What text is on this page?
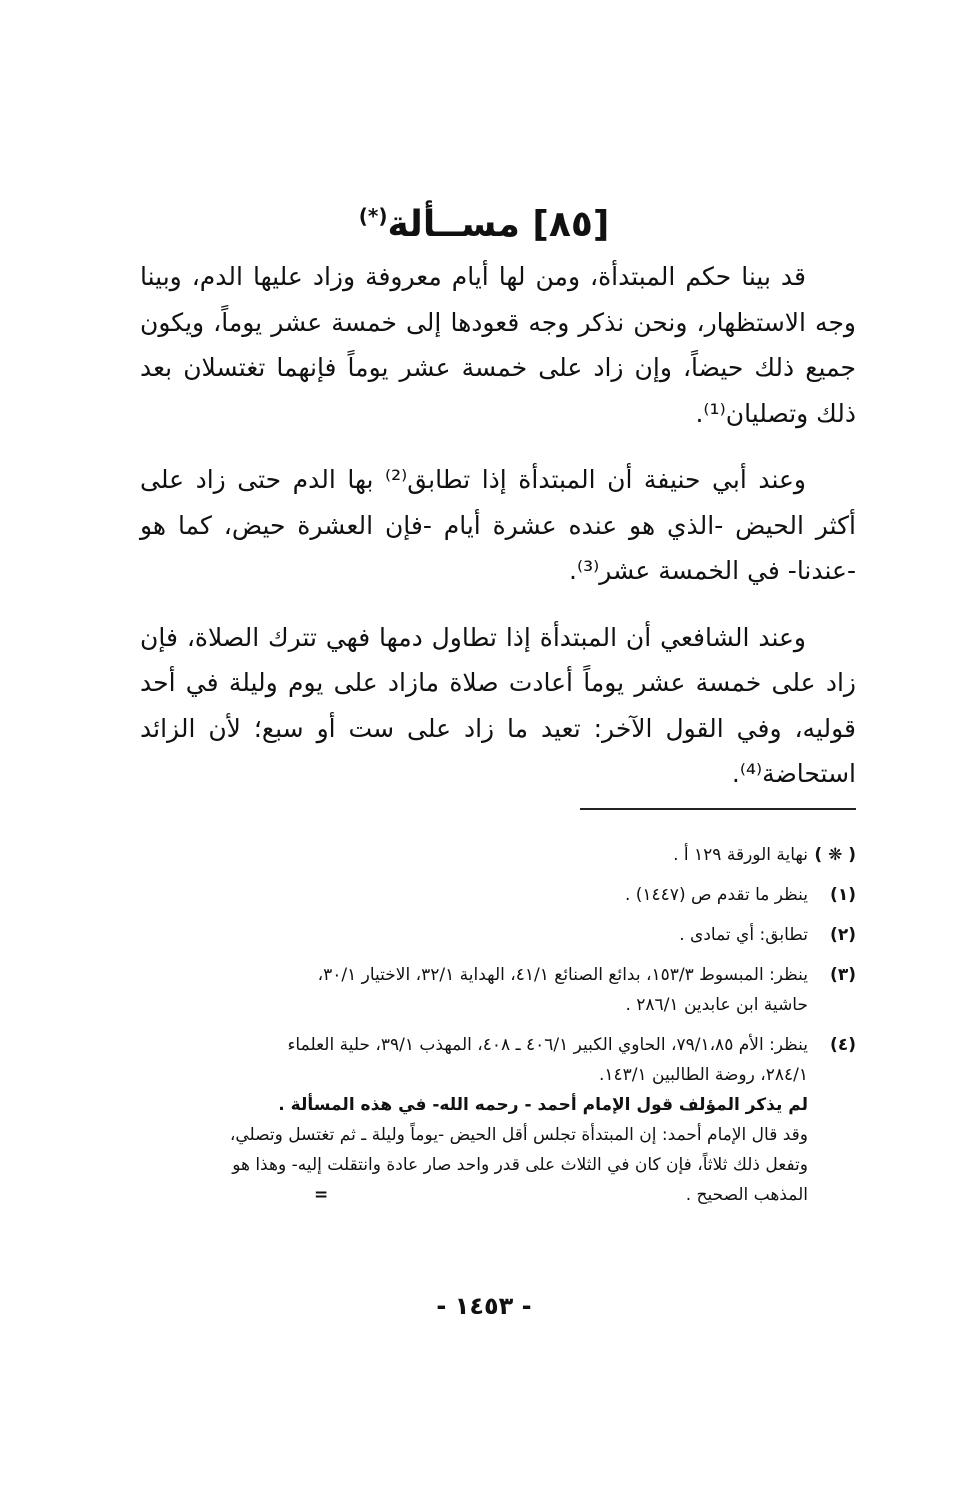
[٨٥] مســألة(*)

قد بينا حكم المبتدأة، ومن لها أيام معروفة وزاد عليها الدم، وبينا وجه الاستظهار، ونحن نذكر وجه قعودها إلى خمسة عشر يوماً، ويكون جميع ذلك حيضاً، وإن زاد على خمسة عشر يوماً فإنهما تغتسلان بعد ذلك وتصليان⁽¹⁾.

وعند أبي حنيفة أن المبتدأة إذا تطابق⁽²⁾ بها الدم حتى زاد على أكثر الحيض -الذي هو عنده عشرة أيام -فإن العشرة حيض، كما هو -عندنا- في الخمسة عشر⁽³⁾.

وعند الشافعي أن المبتدأة إذا تطاول دمها فهي تترك الصلاة، فإن زاد على خمسة عشر يوماً أعادت صلاة مازاد على يوم وليلة في أحد قوليه، وفي القول الآخر: تعيد ما زاد على ست أو سبع؛ لأن الزائد استحاضة⁽⁴⁾.

( ❋ )
نهاية الورقة ١٢٩ أ .
(١)
ينظر ما تقدم ص (١٤٤٧) .
(٢)
تطابق: أي تمادى .
(٣)
ينظر: المبسوط ١٥٣/٣، بدائع الصنائع ٤١/١، الهداية ٣٢/١، الاختيار ٣٠/١،
حاشية ابن عابدين ٢٨٦/١ .
(٤)
ينظر: الأم ٧٩/١،٨٥، الحاوي الكبير ٤٠٦/١ ـ ٤٠٨، المهذب ٣٩/١، حلية العلماء
٢٨٤/١، روضة الطالبين ١٤٣/١.
لم يذكر المؤلف قول الإمام أحمد - رحمه الله- في هذه المسألة .
وقد قال الإمام أحمد: إن المبتدأة تجلس أقل الحيض -يوماً وليلة ـ ثم تغتسل وتصلي،
وتفعل ذلك ثلاثاً، فإن كان في الثلاث على قدر واحد صار عادة وانتقلت إليه- وهذا هو
المذهب الصحيح .
=
- ١٤٥٣ -
